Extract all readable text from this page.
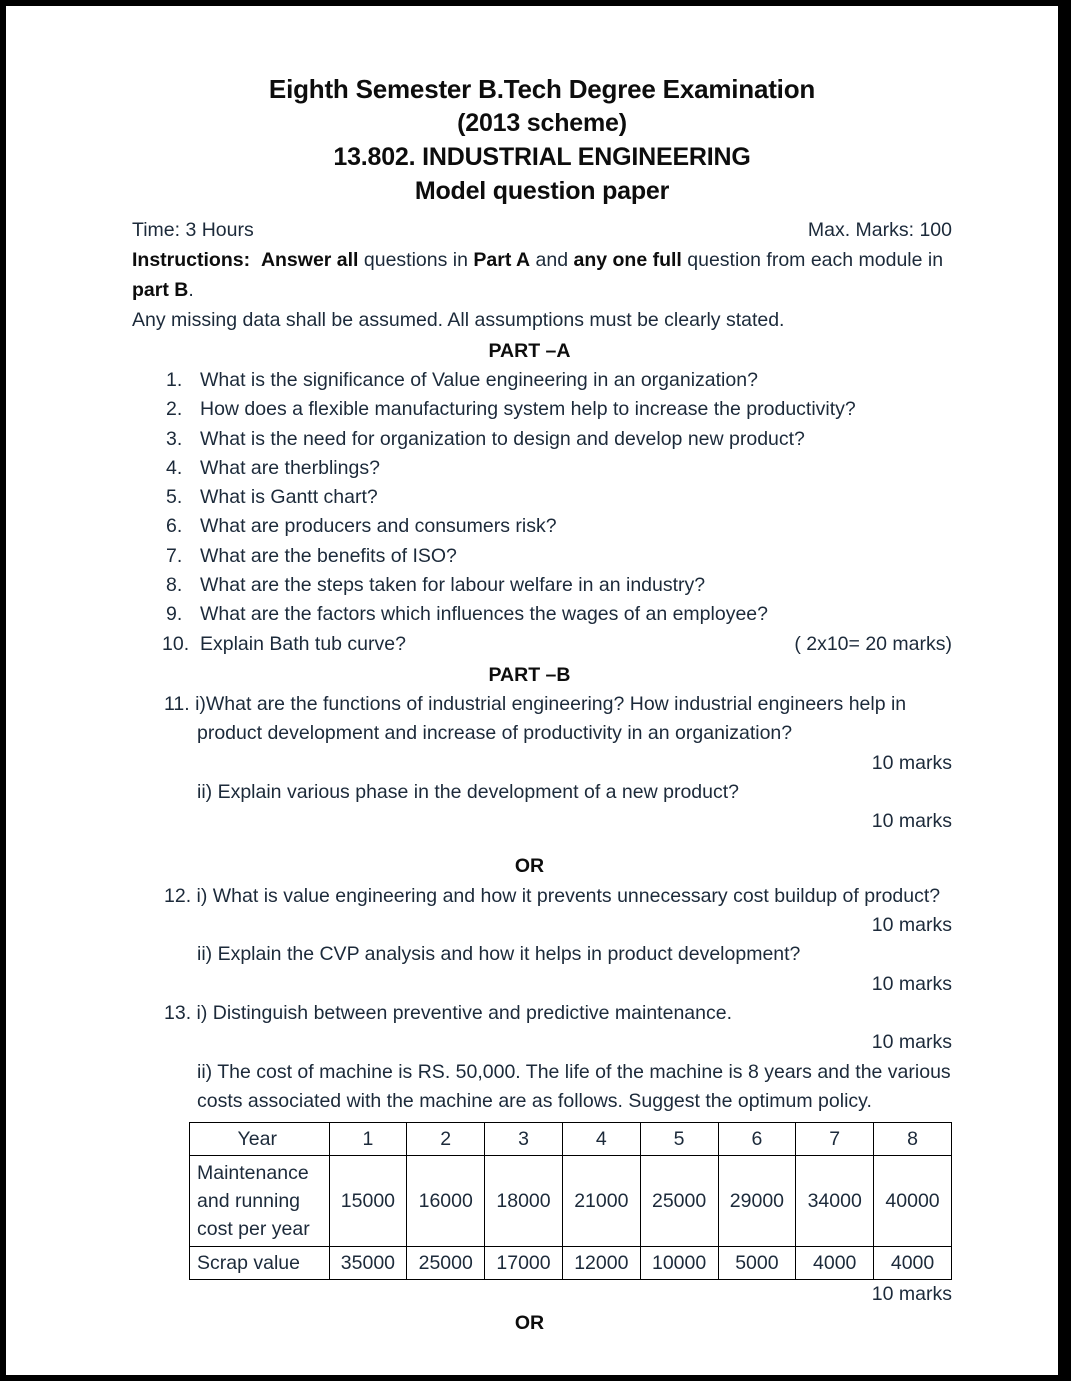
Eighth Semester B.Tech Degree Examination
(2013 scheme)
13.802. INDUSTRIAL ENGINEERING
Model question paper
Time: 3 Hours	Max. Marks: 100
Instructions: Answer all questions in Part A and any one full question from each module in part B.
Any missing data shall be assumed. All assumptions must be clearly stated.
PART –A
1. What is the significance of Value engineering in an organization?
2. How does a flexible manufacturing system help to increase the productivity?
3. What is the need for organization to design and develop new product?
4. What are therblings?
5. What is Gantt chart?
6. What are producers and consumers risk?
7. What are the benefits of ISO?
8. What are the steps taken for labour welfare in an industry?
9. What are the factors which influences the wages of an employee?
10. Explain Bath tub curve?	( 2x10= 20 marks)
PART –B
11. i)What are the functions of industrial engineering? How industrial engineers help in
product development and increase of productivity in an organization?
10 marks
ii) Explain various phase in the development of a new product?
10 marks
OR
12. i) What is value engineering and how it prevents unnecessary cost buildup of product?
10 marks
ii) Explain the CVP analysis and how it helps in product development?
10 marks
13. i) Distinguish between preventive and predictive maintenance.
10 marks
ii) The cost of machine is RS. 50,000. The life of the machine is 8 years and the various
costs associated with the machine are as follows. Suggest the optimum policy.
Year	1	2	3	4	5	6	7	8

Maintenance
and running
cost per year	15000	16000	18000	21000	25000	29000	34000	40000
Scrap value	35000	25000	17000	12000	10000	5000	4000	4000
10 marks
OR
